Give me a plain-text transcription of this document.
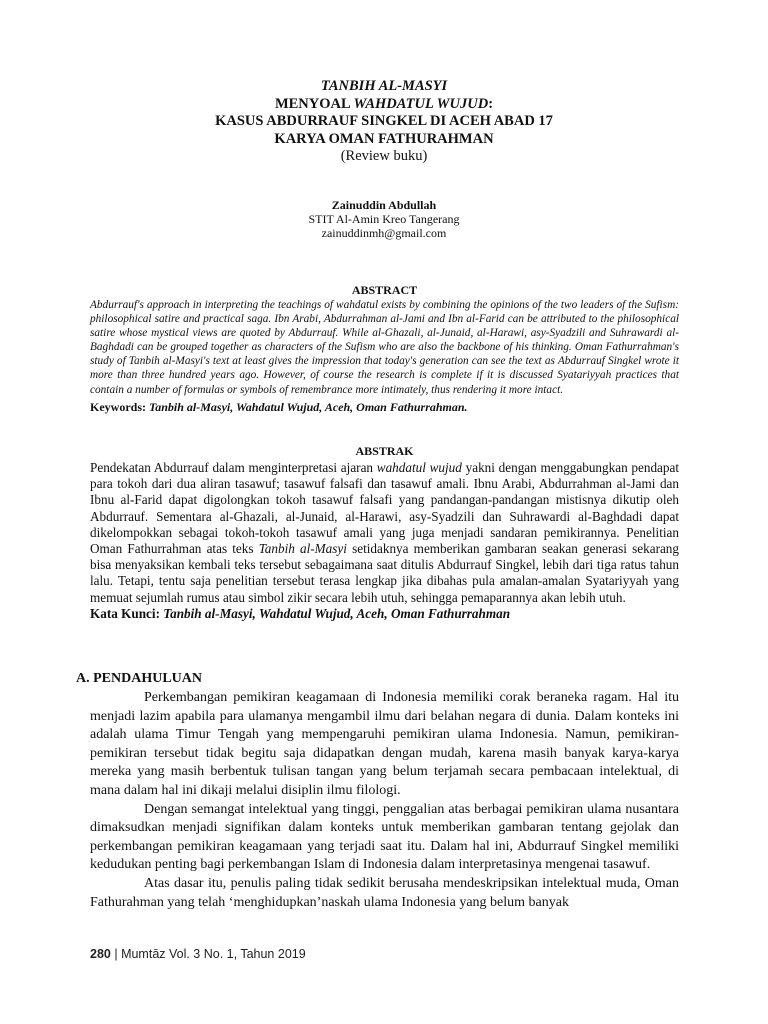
TANBIH AL-MASYI
MENYOAL WAHDATUL WUJUD:
KASUS ABDURRAUF SINGKEL DI ACEH ABAD 17
KARYA OMAN FATHURAHMAN
(Review buku)
Zainuddin Abdullah
STIT Al-Amin Kreo Tangerang
zainuddinmh@gmail.com
ABSTRACT
Abdurrauf's approach in interpreting the teachings of wahdatul exists by combining the opinions of the two leaders of the Sufism: philosophical satire and practical saga. Ibn Arabi, Abdurrahman al-Jami and Ibn al-Farid can be attributed to the philosophical satire whose mystical views are quoted by Abdurrauf. While al-Ghazali, al-Junaid, al-Harawi, asy-Syadzili and Suhrawardi al-Baghdadi can be grouped together as characters of the Sufism who are also the backbone of his thinking. Oman Fathurrahman's study of Tanbih al-Masyi's text at least gives the impression that today's generation can see the text as Abdurrauf Singkel wrote it more than three hundred years ago. However, of course the research is complete if it is discussed Syatariyyah practices that contain a number of formulas or symbols of remembrance more intimately, thus rendering it more intact.
Keywords: Tanbih al-Masyi, Wahdatul Wujud, Aceh, Oman Fathurrahman.
ABSTRAK
Pendekatan Abdurrauf dalam menginterpretasi ajaran wahdatul wujud yakni dengan menggabungkan pendapat para tokoh dari dua aliran tasawuf; tasawuf falsafi dan tasawuf amali. Ibnu Arabi, Abdurrahman al-Jami dan Ibnu al-Farid dapat digolongkan tokoh tasawuf falsafi yang pandangan-pandangan mistisnya dikutip oleh Abdurrauf. Sementara al-Ghazali, al-Junaid, al-Harawi, asy-Syadzili dan Suhrawardi al-Baghdadi dapat dikelompokkan sebagai tokoh-tokoh tasawuf amali yang juga menjadi sandaran pemikirannya. Penelitian Oman Fathurrahman atas teks Tanbih al-Masyi setidaknya memberikan gambaran seakan generasi sekarang bisa menyaksikan kembali teks tersebut sebagaimana saat ditulis Abdurrauf Singkel, lebih dari tiga ratus tahun lalu. Tetapi, tentu saja penelitian tersebut terasa lengkap jika dibahas pula amalan-amalan Syatariyyah yang memuat sejumlah rumus atau simbol zikir secara lebih utuh, sehingga pemaparannya akan lebih utuh.
Kata Kunci: Tanbih al-Masyi, Wahdatul Wujud, Aceh, Oman Fathurrahman
A. PENDAHULUAN

Perkembangan pemikiran keagamaan di Indonesia memiliki corak beraneka ragam. Hal itu menjadi lazim apabila para ulamanya mengambil ilmu dari belahan negara di dunia. Dalam konteks ini adalah ulama Timur Tengah yang mempengaruhi pemikiran ulama Indonesia. Namun, pemikiran-pemikiran tersebut tidak begitu saja didapatkan dengan mudah, karena masih banyak karya-karya mereka yang masih berbentuk tulisan tangan yang belum terjamah secara pembacaan intelektual, di mana dalam hal ini dikaji melalui disiplin ilmu filologi.

Dengan semangat intelektual yang tinggi, penggalian atas berbagai pemikiran ulama nusantara dimaksudkan menjadi signifikan dalam konteks untuk memberikan gambaran tentang gejolak dan perkembangan pemikiran keagamaan yang terjadi saat itu. Dalam hal ini, Abdurrauf Singkel memiliki kedudukan penting bagi perkembangan Islam di Indonesia dalam interpretasinya mengenai tasawuf.

Atas dasar itu, penulis paling tidak sedikit berusaha mendeskripsikan intelektual muda, Oman Fathurahman yang telah ‘menghidupkan’naskah ulama Indonesia yang belum banyak

280 | Mumtāz Vol. 3 No. 1, Tahun 2019
